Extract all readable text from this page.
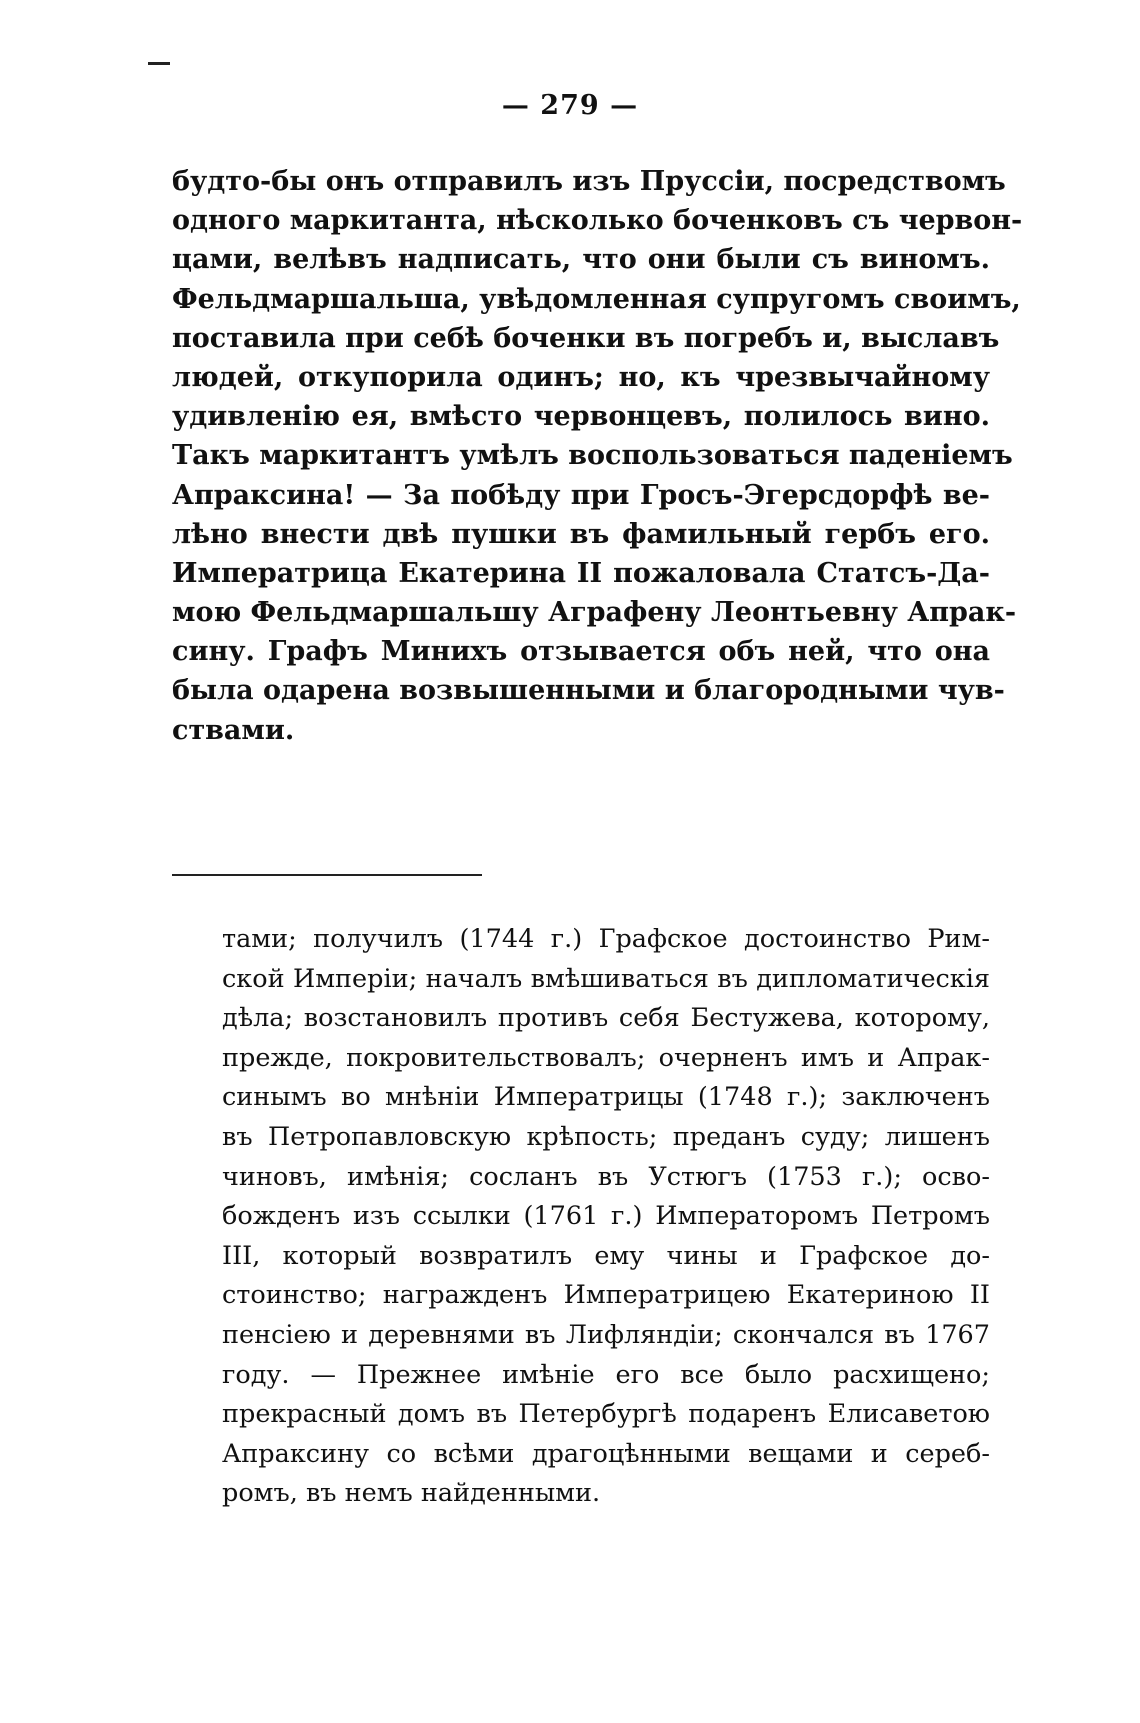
— 279 —
будто-бы онъ отправилъ изъ Пруссіи, посредствомъ
одного маркитанта, нѣсколько боченковъ съ червон-
цами, велѣвъ надписать, что они были съ виномъ.
Фельдмаршальша, увѣдомленная супругомъ своимъ,
поставила при себѣ боченки въ погребъ и, выславъ
людей, откупорила одинъ; но, къ чрезвычайному
удивленію ея, вмѣсто червонцевъ, полилось вино.
Такъ маркитантъ умѣлъ воспользоваться паденіемъ
Апраксина! — За побѣду при Гросъ-Эгерсдорфѣ ве-
лѣно внести двѣ пушки въ фамильный гербъ его.
Императрица Екатерина II пожаловала Статсъ-Да-
мою Фельдмаршальшу Аграфену Леонтьевну Апрак-
сину. Графъ Минихъ отзывается объ ней, что она
была одарена возвышенными и благородными чув-
ствами.
тами; получилъ (1744 г.) Графское достоинство Рим-
ской Имперіи; началъ вмѣшиваться въ дипломатическія
дѣла; возстановилъ противъ себя Бестужева, которому,
прежде, покровительствовалъ; очерненъ имъ и Апрак-
синымъ во мнѣніи Императрицы (1748 г.); заключенъ
въ Петропавловскую крѣпость; преданъ суду; лишенъ
чиновъ, имѣнія; сосланъ въ Устюгъ (1753 г.); осво-
божденъ изъ ссылки (1761 г.) Императоромъ Петромъ
III, который возвратилъ ему чины и Графское до-
стоинство; награжденъ Императрицею Екатериною II
пенсіею и деревнями въ Лифляндіи; скончался въ 1767
году. — Прежнее имѣніе его все было расхищено;
прекрасный домъ въ Петербургѣ подаренъ Елисаветою
Апраксину со всѣми драгоцѣнными вещами и сереб-
ромъ, въ немъ найденными.
